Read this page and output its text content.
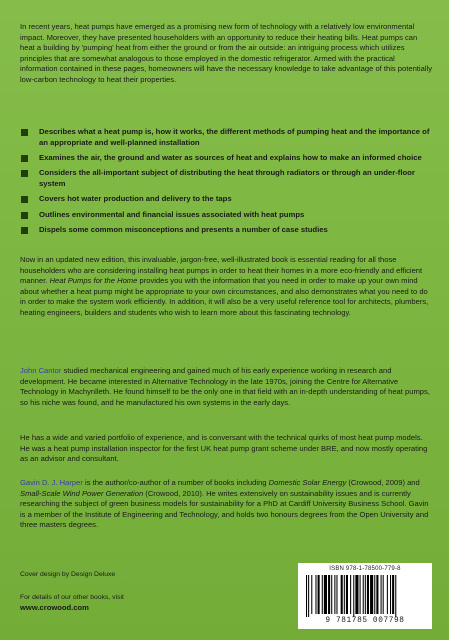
In recent years, heat pumps have emerged as a promising new form of technology with a relatively low environmental impact. Moreover, they have presented householders with an opportunity to reduce their heating bills. Heat pumps can heat a building by 'pumping' heat from either the ground or from the air outside: an intriguing process which utilizes principles that are somewhat analogous to those employed in the domestic refrigerator. Armed with the practical information contained in these pages, homeowners will have the necessary knowledge to take advantage of this potentially low-carbon technology to heat their properties.

Describes what a heat pump is, how it works, the different methods of pumping heat and the importance of an appropriate and well-planned installation
Examines the air, the ground and water as sources of heat and explains how to make an informed choice
Considers the all-important subject of distributing the heat through radiators or through an under-floor system
Covers hot water production and delivery to the taps
Outlines environmental and financial issues associated with heat pumps
Dispels some common misconceptions and presents a number of case studies

Now in an updated new edition, this invaluable, jargon-free, well-illustrated book is essential reading for all those householders who are considering installing heat pumps in order to heat their homes in a more eco-friendly and efficient manner. Heat Pumps for the Home provides you with the information that you need in order to make up your own mind about whether a heat pump might be appropriate to your own circumstances, and also demonstrates what you need to do in order to make the system work efficiently. In addition, it will also be a very useful reference tool for architects, plumbers, heating engineers, builders and students who wish to learn more about this fascinating technology.

John Cantor studied mechanical engineering and gained much of his early experience working in research and development. He became interested in Alternative Technology in the late 1970s, joining the Centre for Alternative Technology in Machynlleth. He found himself to be the only one in that field with an in-depth understanding of heat pumps, so his niche was found, and he manufactured his own systems in the early days.

He has a wide and varied portfolio of experience, and is conversant with the technical quirks of most heat pump models. He was a heat pump installation inspector for the first UK heat pump grant scheme under BRE, and now mostly operating as an advisor and consultant.

Gavin D. J. Harper is the author/co-author of a number of books including Domestic Solar Energy (Crowood, 2009) and Small-Scale Wind Power Generation (Crowood, 2010). He writes extensively on sustainability issues and is currently researching the subject of green business models for sustainability for a PhD at Cardiff University Business School. Gavin is a member of the Institute of Engineering and Technology, and holds two honours degrees from the Open University and three masters degrees.

Cover design by Design Deluxe

For details of our other books, visit
www.crowood.com

ISBN 978-1-78500-779-8
9 781785 007798
